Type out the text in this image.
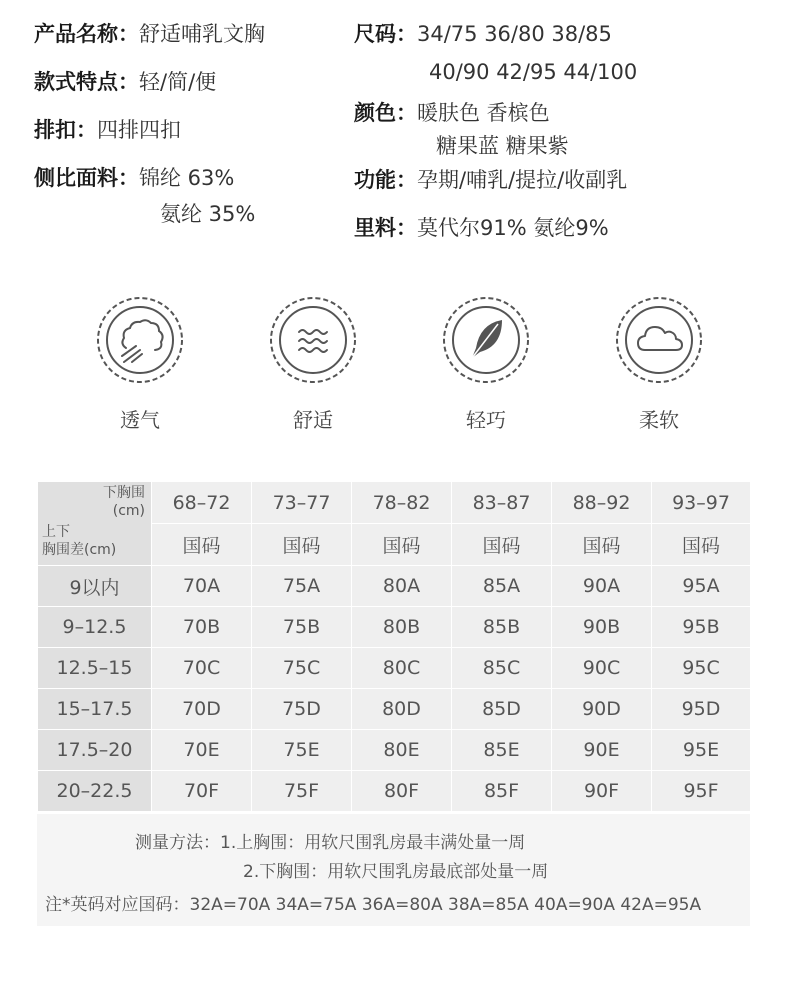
产品名称：舒适哺乳文胸
款式特点：轻/简/便
排扣：四排四扣
侧比面料：锦纶 63%
氨纶 35%
尺码：34/75 36/80 38/85
40/90 42/95 44/100
颜色：暖肤色 香槟色
糖果蓝 糖果紫
功能：孕期/哺乳/提拉/收副乳
里料：莫代尔91% 氨纶9%
透气	舒适	轻巧	柔软
下胸围
(cm)
上下
胸围差(cm)	68–72	73–77	78–82	83–87	88–92	93–97
	国码	国码	国码	国码	国码	国码
9以内	70A	75A	80A	85A	90A	95A
9–12.5	70B	75B	80B	85B	90B	95B
12.5–15	70C	75C	80C	85C	90C	95C
15–17.5	70D	75D	80D	85D	90D	95D
17.5–20	70E	75E	80E	85E	90E	95E
20–22.5	70F	75F	80F	85F	90F	95F
测量方法：1.上胸围：用软尺围乳房最丰满处量一周
2.下胸围：用软尺围乳房最底部处量一周
注*英码对应国码：32A=70A 34A=75A 36A=80A 38A=85A 40A=90A 42A=95A
